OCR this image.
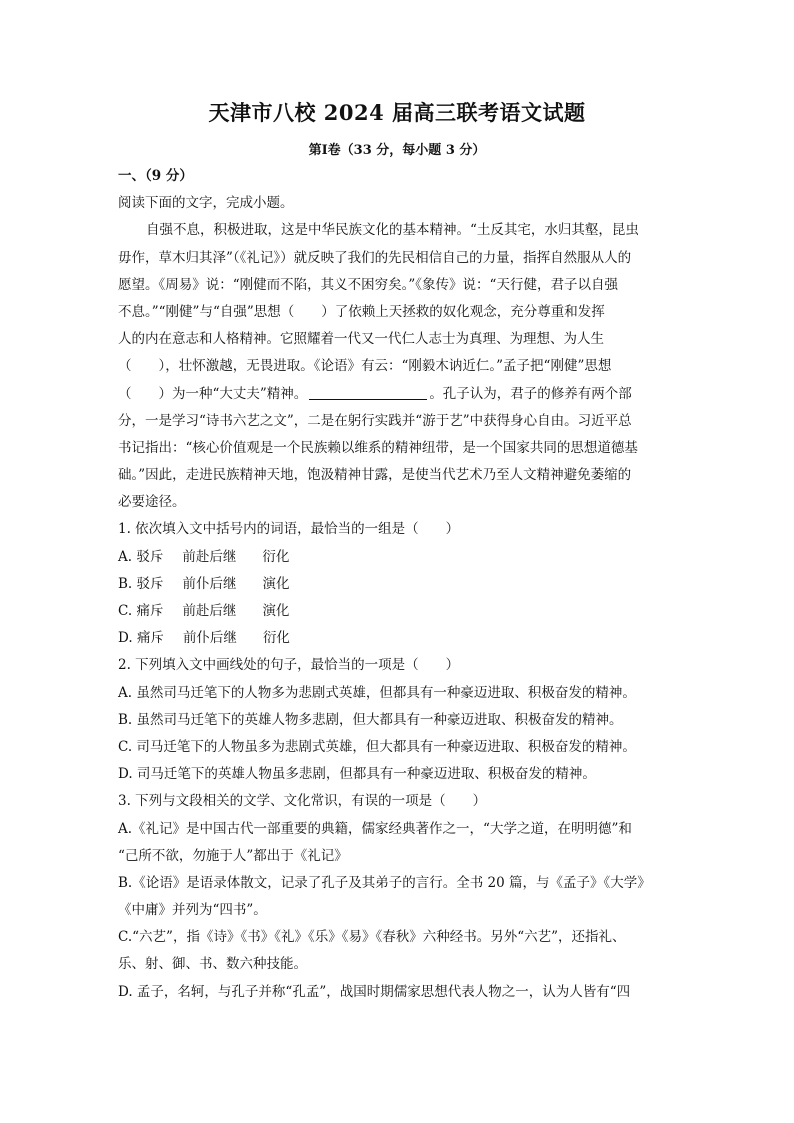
天津市八校 2024 届高三联考语文试题
第Ⅰ卷（33 分，每小题 3 分）
一、（9 分）
阅读下面的文字，完成小题。
自强不息，积极进取，这是中华民族文化的基本精神。“土反其宅，水归其壑，昆虫
毋作，草木归其泽”（《礼记》）就反映了我们的先民相信自己的力量，指挥自然服从人的
愿望。《周易》说：“刚健而不陷，其义不困穷矣。”《象传》说：“天行健，君子以自强
不息。”“刚健”与“自强”思想（　　）了依赖上天拯救的奴化观念，充分尊重和发挥
人的内在意志和人格精神。它照耀着一代又一代仁人志士为真理、为理想、为人生
（　　），壮怀激越，无畏进取。《论语》有云：“刚毅木讷近仁。”孟子把“刚健”思想
（　　）为一种“大丈夫”精神。	。孔子认为，君子的修养有两个部
分，一是学习“诗书六艺之文”，二是在躬行实践并“游于艺”中获得身心自由。习近平总
书记指出：“核心价值观是一个民族赖以维系的精神纽带，是一个国家共同的思想道德基
础。”因此，走进民族精神天地，饱汲精神甘露，是使当代艺术乃至人文精神避免萎缩的
必要途径。
1. 依次填入文中括号内的词语，最恰当的一组是（　　）
A. 驳斥 前赴后继 衍化
B. 驳斥 前仆后继 演化
C. 痛斥 前赴后继 演化
D. 痛斥 前仆后继 衍化
2. 下列填入文中画线处的句子，最恰当的一项是（　　）
A. 虽然司马迁笔下的人物多为悲剧式英雄，但都具有一种豪迈进取、积极奋发的精神。
B. 虽然司马迁笔下的英雄人物多悲剧，但大都具有一种豪迈进取、积极奋发的精神。
C. 司马迁笔下的人物虽多为悲剧式英雄，但大都具有一种豪迈进取、积极奋发的精神。
D. 司马迁笔下的英雄人物虽多悲剧，但都具有一种豪迈进取、积极奋发的精神。
3. 下列与文段相关的文学、文化常识，有误的一项是（　　）
A.《礼记》是中国古代一部重要的典籍，儒家经典著作之一，“大学之道，在明明德”和
“己所不欲，勿施于人”都出于《礼记》
B.《论语》是语录体散文，记录了孔子及其弟子的言行。全书 20 篇，与《孟子》《大学》
《中庸》并列为“四书”。
C.“六艺”，指《诗》《书》《礼》《乐》《易》《春秋》六种经书。另外“六艺”，还指礼、
乐、射、御、书、数六种技能。
D. 孟子，名轲，与孔子并称“孔孟”，战国时期儒家思想代表人物之一，认为人皆有“四
